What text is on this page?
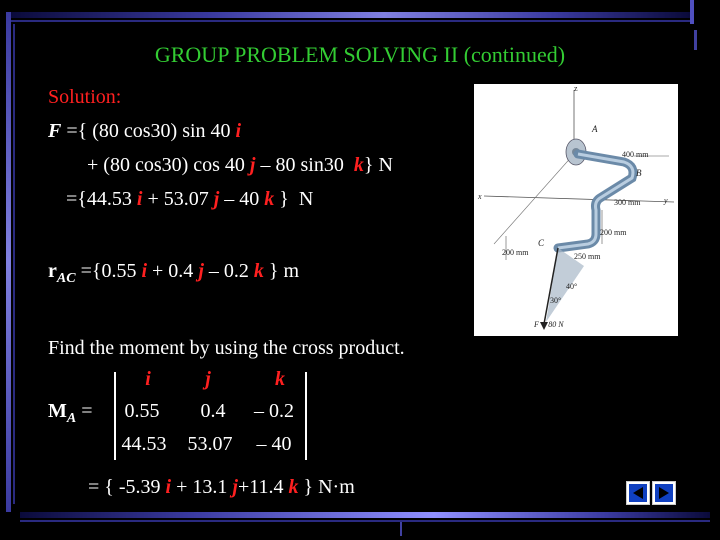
GROUP PROBLEM SOLVING II (continued)
Solution:
F ={ (80 cos30) sin 40 i
+ (80 cos30) cos 40 j – 80 sin30  k} N
={44.53 i + 53.07 j – 40 k }  N
$r_{AC} =\{0.55$ i + 0.4 j – 0.2 k } m
z
A
400 mm
B
300 mm	y
x
200 mm
C
200 mm	250 mm
40°
30°
F = 80 N
Find the moment by using the cross product.
$M_A$ =
i	j	k
0.55	0.4	– 0.2
44.53	53.07	– 40
= { -5.39 i + 13.1 j+11.4 k } N·m
